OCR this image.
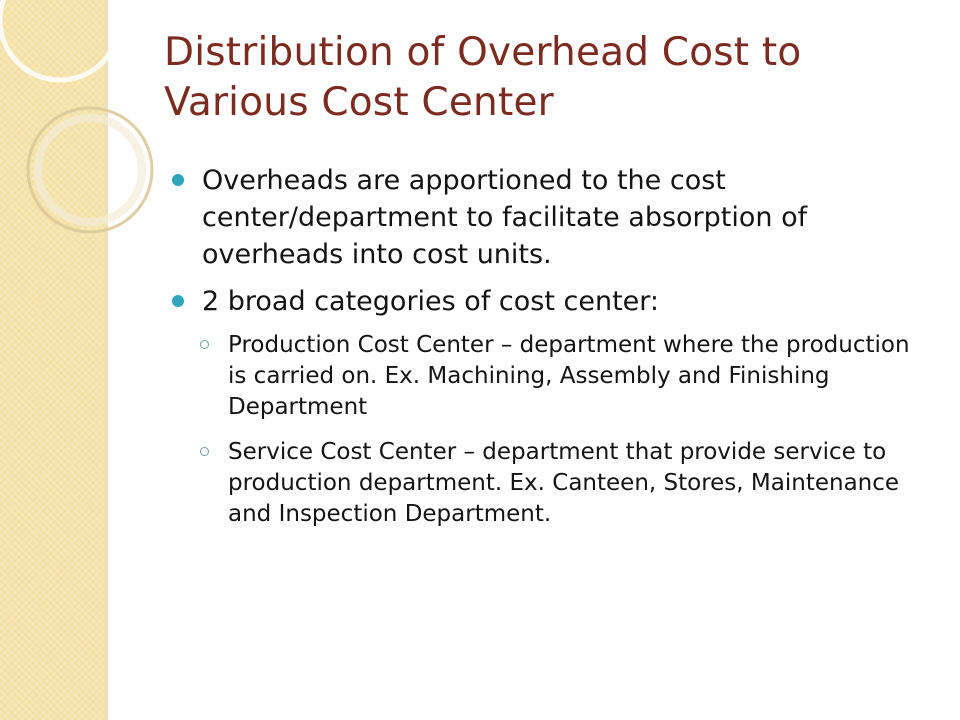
Distribution of Overhead Cost to Various Cost Center
Overheads are apportioned to the cost center/department to facilitate absorption of overheads into cost units.
2 broad categories of cost center:
Production Cost Center – department where the production is carried on. Ex. Machining, Assembly and Finishing Department
Service Cost Center – department that provide service to production department. Ex. Canteen, Stores, Maintenance and Inspection Department.
